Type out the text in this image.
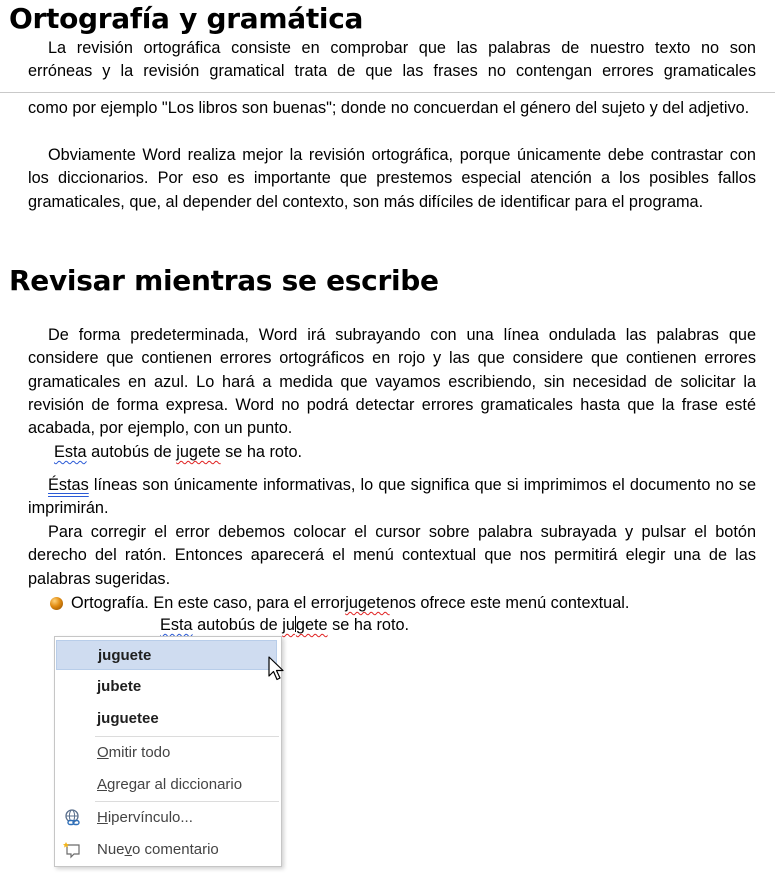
Ortografía y gramática

La revisión ortográfica consiste en comprobar que las palabras de nuestro texto no son

erróneas y la revisión gramatical trata de que las frases no contengan errores gramaticales

como por ejemplo "Los libros son buenas"; donde no concuerdan el género del sujeto y del adjetivo.

Obviamente Word realiza mejor la revisión ortográfica, porque únicamente debe contrastar con los diccionarios. Por eso es importante que prestemos especial atención a los posibles fallos gramaticales, que, al depender del contexto, son más difíciles de identificar para el programa.

Revisar mientras se escribe

De forma predeterminada, Word irá subrayando con una línea ondulada las palabras que considere que contienen errores ortográficos en rojo y las que considere que contienen errores gramaticales en azul. Lo hará a medida que vayamos escribiendo, sin necesidad de solicitar la revisión de forma expresa. Word no podrá detectar errores gramaticales hasta que la frase esté acabada, por ejemplo, con un punto.

Esta autobús de jugete se ha roto.

Éstas líneas son únicamente informativas, lo que significa que si imprimimos el documento no se imprimirán.

Para corregir el error debemos colocar el cursor sobre palabra subrayada y pulsar el botón derecho del ratón. Entonces aparecerá el menú contextual que nos permitirá elegir una de las palabras sugeridas.

Ortografía. En este caso, para el error jugete nos ofrece este menú contextual.
Esta autobús de jugete se ha roto.
juguete
jubete
juguetee
Omitir todo
Agregar al diccionario
Hipervínculo...
Nuevo comentario
